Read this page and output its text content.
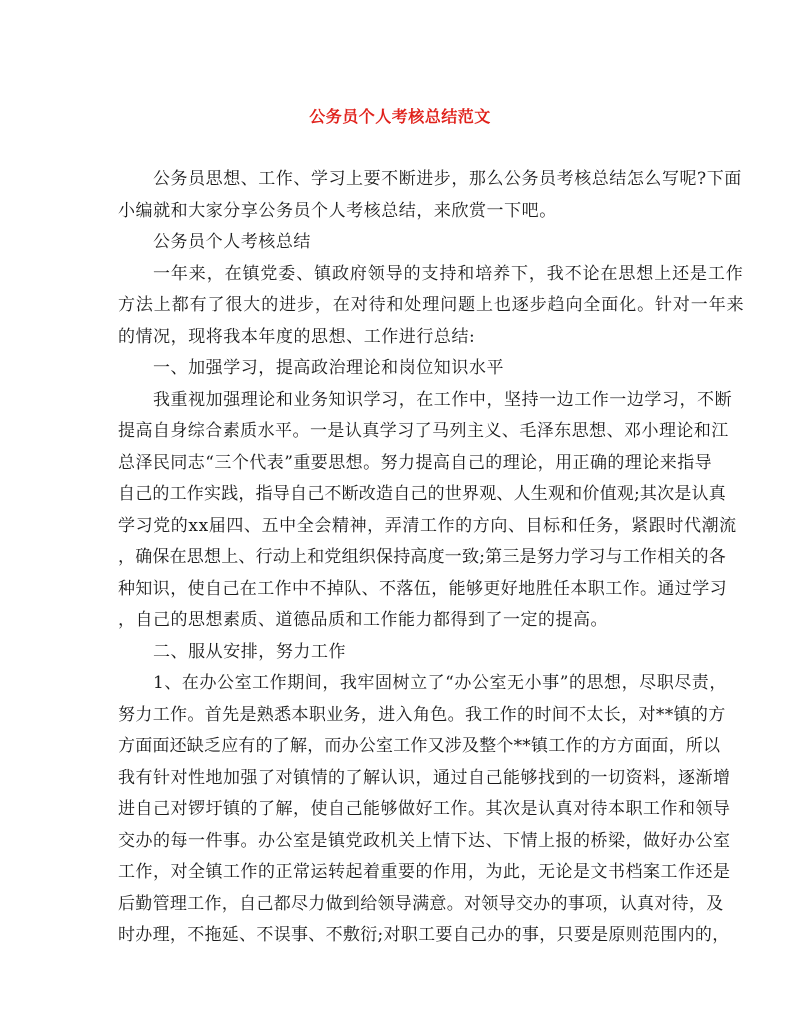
公务员个人考核总结范文
公务员思想、工作、学习上要不断进步，那么公务员考核总结怎么写呢?下面
小编就和大家分享公务员个人考核总结，来欣赏一下吧。
公务员个人考核总结
一年来，在镇党委、镇政府领导的支持和培养下，我不论在思想上还是工作
方法上都有了很大的进步，在对待和处理问题上也逐步趋向全面化。针对一年来
的情况，现将我本年度的思想、工作进行总结:
一、加强学习，提高政治理论和岗位知识水平
我重视加强理论和业务知识学习，在工作中，坚持一边工作一边学习，不断
提高自身综合素质水平。一是认真学习了马列主义、毛泽东思想、邓小理论和江
总泽民同志“三个代表”重要思想。努力提高自己的理论，用正确的理论来指导
自己的工作实践，指导自己不断改造自己的世界观、人生观和价值观;其次是认真
学习党的xx届四、五中全会精神，弄清工作的方向、目标和任务，紧跟时代潮流
，确保在思想上、行动上和党组织保持高度一致;第三是努力学习与工作相关的各
种知识，使自己在工作中不掉队、不落伍，能够更好地胜任本职工作。通过学习
，自己的思想素质、道德品质和工作能力都得到了一定的提高。
二、服从安排，努力工作
1、在办公室工作期间，我牢固树立了“办公室无小事”的思想，尽职尽责，
努力工作。首先是熟悉本职业务，进入角色。我工作的时间不太长，对**镇的方
方面面还缺乏应有的了解，而办公室工作又涉及整个**镇工作的方方面面，所以
我有针对性地加强了对镇情的了解认识，通过自己能够找到的一切资料，逐渐增
进自己对锣圩镇的了解，使自己能够做好工作。其次是认真对待本职工作和领导
交办的每一件事。办公室是镇党政机关上情下达、下情上报的桥梁，做好办公室
工作，对全镇工作的正常运转起着重要的作用，为此，无论是文书档案工作还是
后勤管理工作，自己都尽力做到给领导满意。对领导交办的事项，认真对待，及
时办理，不拖延、不误事、不敷衍;对职工要自己办的事，只要是原则范围内的，
